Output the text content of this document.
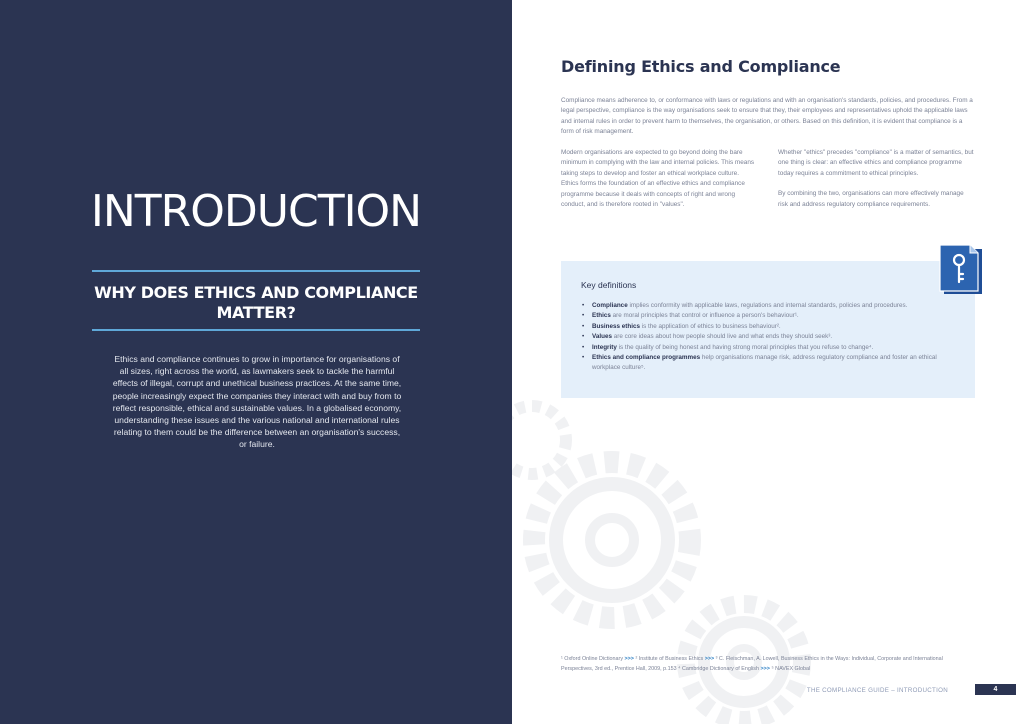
INTRODUCTION
WHY DOES ETHICS AND COMPLIANCE
MATTER?

Ethics and compliance continues to grow in importance for organisations of all sizes, right across the world, as lawmakers seek to tackle the harmful effects of illegal, corrupt and unethical business practices. At the same time, people increasingly expect the companies they interact with and buy from to reflect responsible, ethical and sustainable values. In a globalised economy, understanding these issues and the various national and international rules relating to them could be the difference between an organisation's success, or failure.

Defining Ethics and Compliance

Compliance means adherence to, or conformance with laws or regulations and with an organisation's standards, policies, and procedures. From a legal perspective, compliance is the way organisations seek to ensure that they, their employees and representatives uphold the applicable laws and internal rules in order to prevent harm to themselves, the organisation, or others. Based on this definition, it is evident that compliance is a form of risk management.

Modern organisations are expected to go beyond doing the bare minimum in complying with the law and internal policies. This means taking steps to develop and foster an ethical workplace culture. Ethics forms the foundation of an effective ethics and compliance programme because it deals with concepts of right and wrong conduct, and is therefore rooted in "values".

Whether "ethics" precedes "compliance" is a matter of semantics, but one thing is clear: an effective ethics and compliance programme today requires a commitment to ethical principles.

By combining the two, organisations can more effectively manage risk and address regulatory compliance requirements.

Key definitions
• Compliance implies conformity with applicable laws, regulations and internal standards, policies and procedures.
• Ethics are moral principles that control or influence a person's behaviour¹.
• Business ethics is the application of ethics to business behaviour².
• Values are core ideas about how people should live and what ends they should seek³.
• Integrity is the quality of being honest and having strong moral principles that you refuse to change⁴.
• Ethics and compliance programmes help organisations manage risk, address regulatory compliance and foster an ethical workplace culture⁵.

¹ Oxford Online Dictionary >>> ² Institute of Business Ethics >>> ³ C. Fleischman, A. Lowell, Business Ethics in the Ways: Individual, Corporate and International Perspectives, 3rd ed., Prentice Hall, 2009, p.153 ⁴ Cambridge Dictionary of English >>> ⁵ NAVEX Global

THE COMPLIANCE GUIDE – INTRODUCTION	4
